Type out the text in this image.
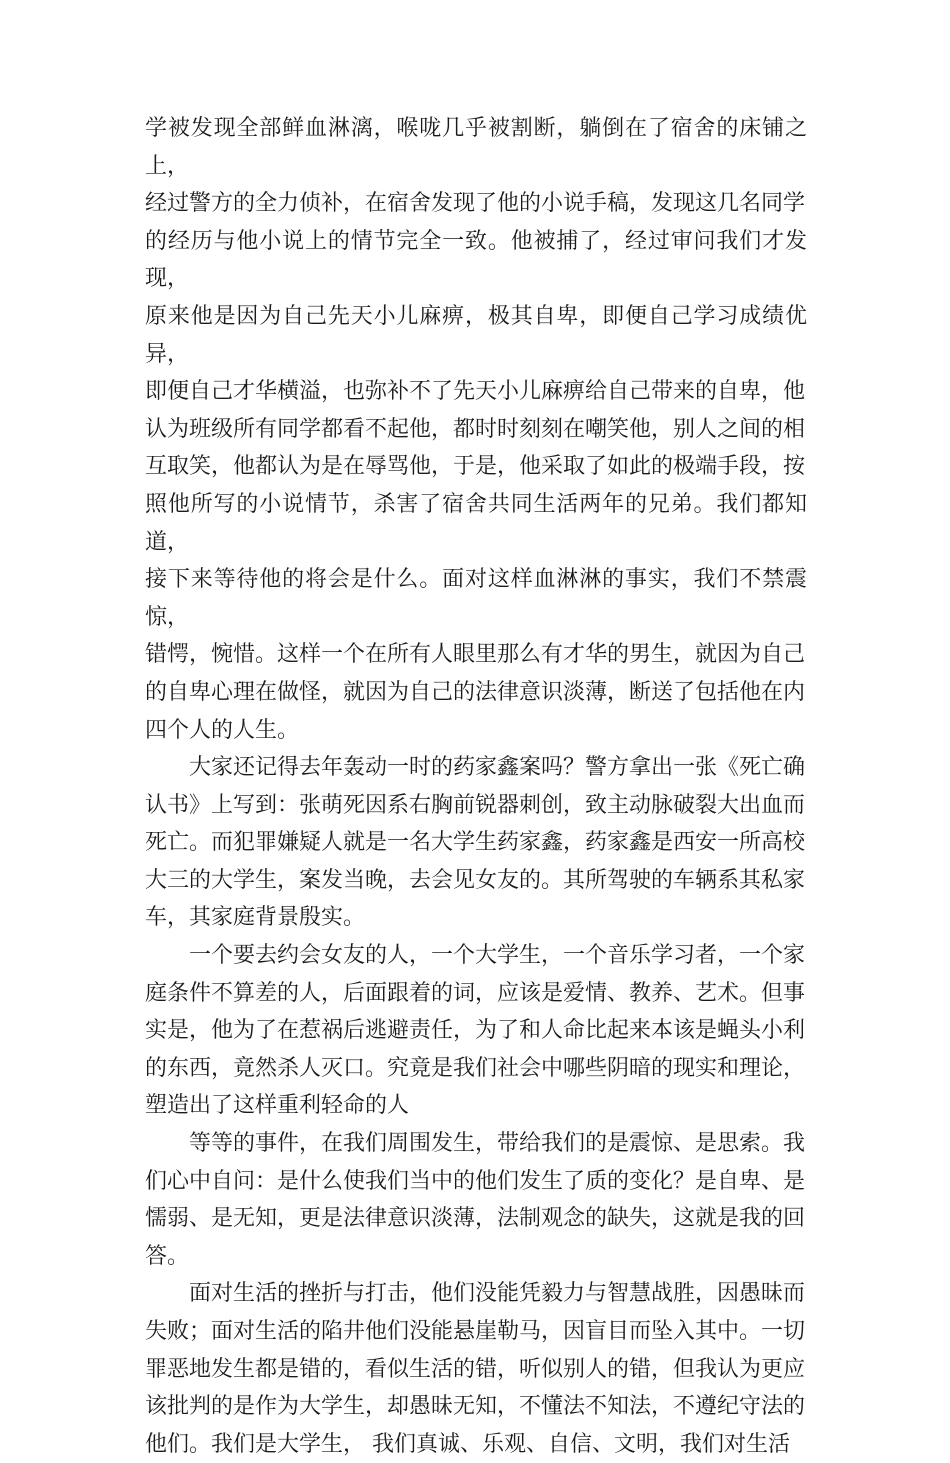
学被发现全部鲜血淋漓，喉咙几乎被割断，躺倒在了宿舍的床铺之上，
经过警方的全力侦补，在宿舍发现了他的小说手稿，发现这几名同学
的经历与他小说上的情节完全一致。他被捕了，经过审问我们才发现，
原来他是因为自己先天小儿麻痹，极其自卑，即便自己学习成绩优异，
即便自己才华横溢，也弥补不了先天小儿麻痹给自己带来的自卑，他
认为班级所有同学都看不起他，都时时刻刻在嘲笑他，别人之间的相
互取笑，他都认为是在辱骂他，于是，他采取了如此的极端手段，按
照他所写的小说情节，杀害了宿舍共同生活两年的兄弟。我们都知道，
接下来等待他的将会是什么。面对这样血淋淋的事实，我们不禁震惊，
错愕，惋惜。这样一个在所有人眼里那么有才华的男生，就因为自己
的自卑心理在做怪，就因为自己的法律意识淡薄，断送了包括他在内
四个人的人生。

大家还记得去年轰动一时的药家鑫案吗？警方拿出一张《死亡确
认书》上写到：张萌死因系右胸前锐器刺创，致主动脉破裂大出血而
死亡。而犯罪嫌疑人就是一名大学生药家鑫，药家鑫是西安一所高校
大三的大学生，案发当晚，去会见女友的。其所驾驶的车辆系其私家
车，其家庭背景殷实。

一个要去约会女友的人，一个大学生，一个音乐学习者，一个家
庭条件不算差的人，后面跟着的词，应该是爱情、教养、艺术。但事
实是，他为了在惹祸后逃避责任，为了和人命比起来本该是蝇头小利
的东西，竟然杀人灭口。究竟是我们社会中哪些阴暗的现实和理论，
塑造出了这样重利轻命的人

等等的事件，在我们周围发生，带给我们的是震惊、是思索。我
们心中自问：是什么使我们当中的他们发生了质的变化？是自卑、是
懦弱、是无知，更是法律意识淡薄，法制观念的缺失，这就是我的回
答。

面对生活的挫折与打击，他们没能凭毅力与智慧战胜，因愚昧而
失败；面对生活的陷井他们没能悬崖勒马，因盲目而坠入其中。一切
罪恶地发生都是错的，看似生活的错，听似别人的错，但我认为更应
该批判的是作为大学生，却愚昧无知，不懂法不知法，不遵纪守法的
他们。我们是大学生， 我们真诚、乐观、自信、文明，我们对生活
